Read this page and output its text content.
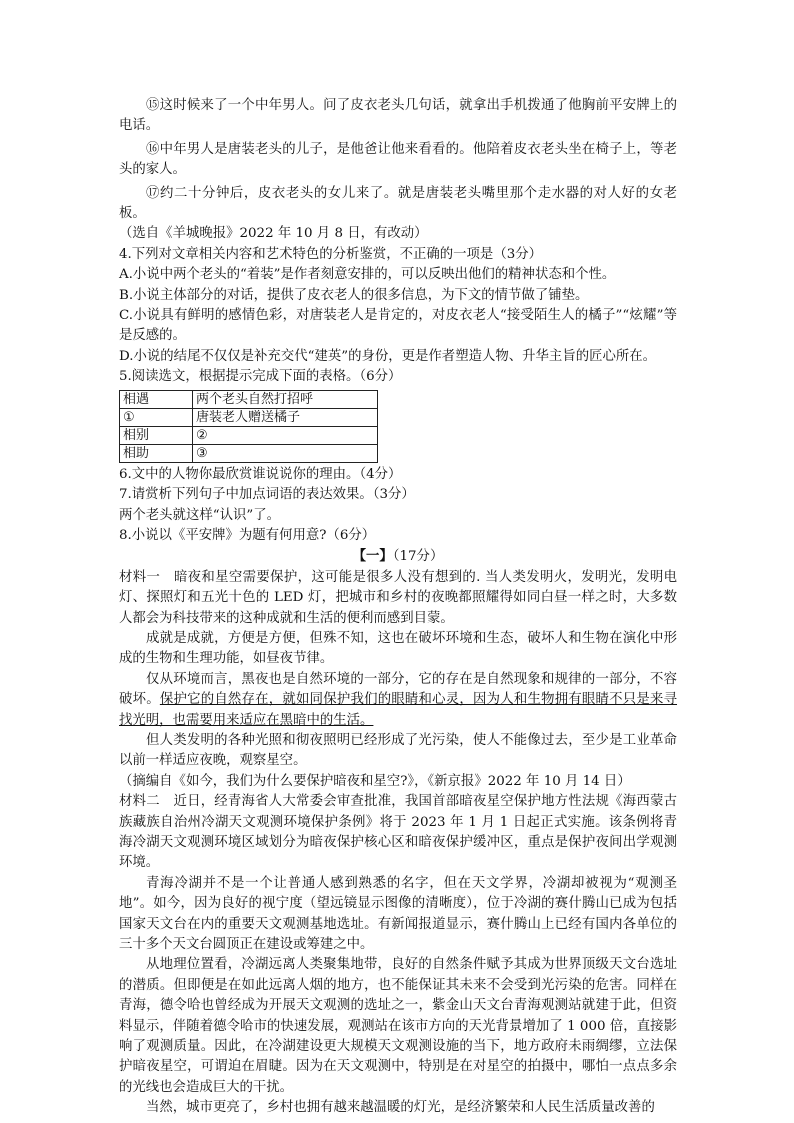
⑮这时候来了一个中年男人。问了皮衣老头几句话，就拿出手机拨通了他胸前平安牌上的电话。

⑯中年男人是唐装老头的儿子，是他爸让他来看看的。他陪着皮衣老头坐在椅子上，等老头的家人。

⑰约二十分钟后，皮衣老头的女儿来了。就是唐装老头嘴里那个走水器的对人好的女老板。

（选自《羊城晚报》2022 年 10 月 8 日，有改动）

4.下列对文章相关内容和艺术特色的分析鉴赏，不正确的一项是（3分）

A.小说中两个老头的“着装”是作者刻意安排的，可以反映出他们的精神状态和个性。

B.小说主体部分的对话，提供了皮衣老人的很多信息，为下文的情节做了铺垫。

C.小说具有鲜明的感情色彩，对唐装老人是肯定的，对皮衣老人“接受陌生人的橘子”“炫耀”等是反感的。

D.小说的结尾不仅仅是补充交代“建英”的身份，更是作者塑造人物、升华主旨的匠心所在。

5.阅读选文，根据提示完成下面的表格。（6分）

相遇	两个老头自然打招呼
①	唐装老人赠送橘子
相别	②
相助	③

6.文中的人物你最欣赏谁说说你的理由。（4分）

7.请赏析下列句子中加点词语的表达效果。（3分）

两个老头就这样“认识”了。

8.小说以《平安牌》为题有何用意?（6分）

【一】（17分）

材料一　暗夜和星空需要保护，这可能是很多人没有想到的. 当人类发明火，发明光，发明电灯、探照灯和五光十色的 LED 灯，把城市和乡村的夜晚都照耀得如同白昼一样之时，大多数人都会为科技带来的这种成就和生活的便利而感到目蒙。

成就是成就，方便是方便，但殊不知，这也在破坏环境和生态，破坏人和生物在演化中形成的生物和生理功能，如昼夜节律。

仅从环境而言，黑夜也是自然环境的一部分，它的存在是自然现象和规律的一部分，不容破坏。保护它的自然存在，就如同保护我们的眼睛和心灵，因为人和生物拥有眼睛不只是来寻找光明，也需要用来适应在黑暗中的生活。

但人类发明的各种光照和彻夜照明已经形成了光污染，使人不能像过去，至少是工业革命以前一样适应夜晚，观察星空。

（摘编自《如今，我们为什么要保护暗夜和星空?》，《新京报》2022 年 10 月 14 日）

材料二　近日，经青海省人大常委会审查批准，我国首部暗夜星空保护地方性法规《海西蒙古族藏族自治州冷湖天文观测环境保护条例》将于 2023 年 1 月 1 日起正式实施。该条例将青海冷湖天文观测环境区域划分为暗夜保护核心区和暗夜保护缓冲区，重点是保护夜间出学观测环境。

青海冷湖并不是一个让普通人感到熟悉的名字，但在天文学界，冷湖却被视为“观测圣地”。如今，因为良好的视宁度（望远镜显示图像的清晰度），位于冷湖的赛什腾山已成为包括国家天文台在内的重要天文观测基地选址。有新闻报道显示，赛什腾山上已经有国内各单位的三十多个天文台圆顶正在建设或筹建之中。

从地理位置看，冷湖远离人类聚集地带，良好的自然条件赋予其成为世界顶级天文台选址的潜质。但即便是在如此远离人烟的地方，也不能保证其未来不会受到光污染的危害。同样在青海，德令哈也曾经成为开展天文观测的选址之一，紫金山天文台青海观测站就建于此，但资料显示，伴随着德令哈市的快速发展，观测站在该市方向的天光背景增加了 1 000 倍，直接影响了观测质量。因此，在冷湖建设更大规模天文观测设施的当下，地方政府未雨绸缪，立法保护暗夜星空，可谓迫在眉睫。因为在天文观测中，特别是在对星空的拍摄中，哪怕一点点多余的光线也会造成巨大的干扰。

当然，城市更亮了，乡村也拥有越来越温暖的灯光，是经济繁荣和人民生活质量改善的
